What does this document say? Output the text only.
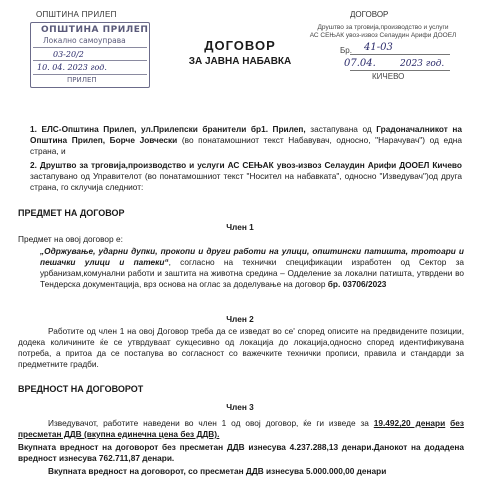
ОПШТИНА ПРИЛЕП	ДОГОВОР
ОПШТИНА ПРИЛЕП
Локално самоуправа
03-20/2
10. 04. 2023 год.
ПРИЛЕП
Друштво за трговија,производство и услуги
АС СЕЊАК увоз-извоз Селаудин Арифи ДООЕЛ
Бр. 41-03
07.04.	2023 год.
КИЧЕВО
ДОГОВОР
ЗА ЈАВНА НАБАВКА
1. ЕЛС-Општина Прилеп, ул.Прилепски бранители бр1. Прилеп, застапувана од Градоначалникот на Општина Прилеп, Борче Јовчески (во понатамошниот текст Набавувач, односно, "Нарачувач") од една страна, и
2. Друштво за трговија,производство и услуги АС СЕЊАК увоз-извоз Селаудин Арифи ДООЕЛ Кичево застапувано од Управителот (во понатамошниот текст "Носител на набавката", односно "Изведувач")од друга страна, го склучија следниот:
ПРЕДМЕТ НА ДОГОВОР
Член 1
Предмет на овој договор е:
„Одржување, ударни дупки, прокопи и други работи на улици, општински патишта, тротоари и пешачки улици и патеки“, согласно на технички спецификации изработен од Сектор за урбанизам,комунални работи и заштита на животна средина – Одделение за локални патишта, утврдени во Тендерска документација, врз основа на оглас за доделување на договор бр. 03706/2023
Член 2
Работите од член 1 на овој Договор треба да се изведат во се' според описите на предвидените позиции, додека количините ќе се утврдуваат сукцесивно од локација до локација,односно според идентификувана потреба, а притоа да се постапува во согласност со важечките технички прописи, правила и стандарди за предметните градби.
ВРЕДНОСТ НА ДОГОВОРОТ
Член 3
Изведувачот, работите наведени во член 1 од овој договор, ќе ги изведе за 19.492,20 денари без пресметан ДДВ (вкупна единечна цена без ДДВ).
Вкупната вредност на договорот без пресметан ДДВ изнесува 4.237.288,13 денари.Данокот на додадена вредност изнесува 762.711,87 денари.
Вкупната вредност на договорот, со пресметан ДДВ изнесува 5.000.000,00 денари
